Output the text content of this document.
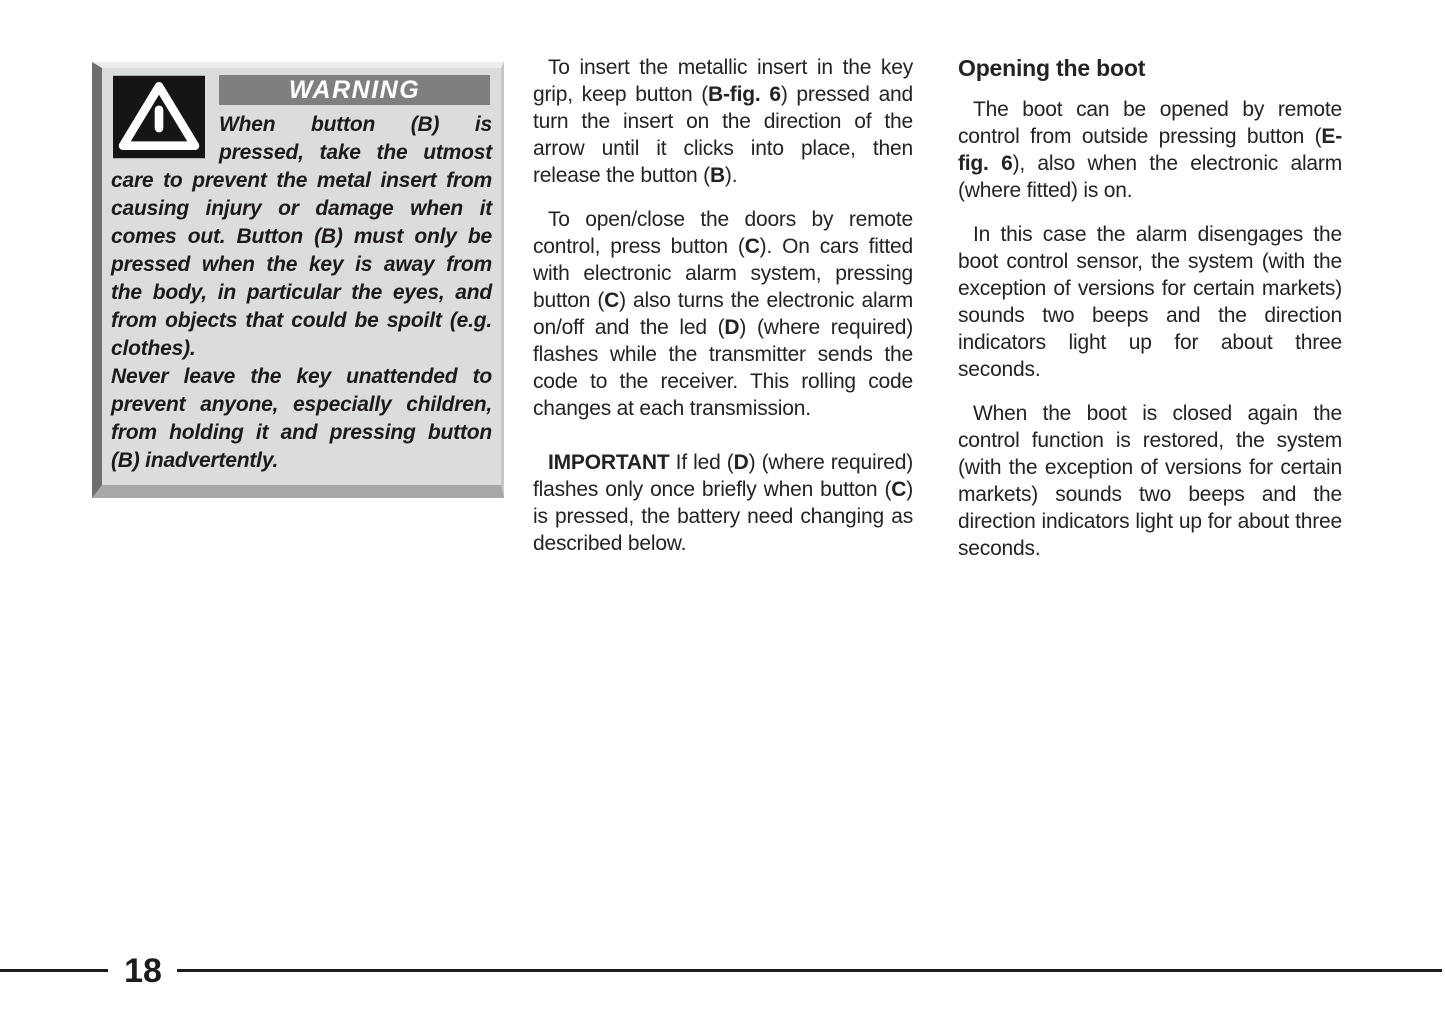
WARNING

When button (B) is pressed, take the utmost care to prevent the metal insert from causing injury or damage when it comes out. Button (B) must only be pressed when the key is away from the body, in particular the eyes, and from objects that could be spoilt (e.g. clothes).

Never leave the key unattended to prevent anyone, especially children, from holding it and pressing button (B) inadvertently.

To insert the metallic insert in the key grip, keep button (B-fig. 6) pressed and turn the insert on the direction of the arrow until it clicks into place, then release the button (B).

To open/close the doors by remote control, press button (C). On cars fitted with electronic alarm system, pressing button (C) also turns the electronic alarm on/off and the led (D) (where required) flashes while the transmitter sends the code to the receiver. This rolling code changes at each transmission.

IMPORTANT If led (D) (where required) flashes only once briefly when button (C) is pressed, the battery need changing as described below.

Opening the boot

The boot can be opened by remote control from outside pressing button (E-fig. 6), also when the electronic alarm (where fitted) is on.

In this case the alarm disengages the boot control sensor, the system (with the exception of versions for certain markets) sounds two beeps and the direction indicators light up for about three seconds.

When the boot is closed again the control function is restored, the system (with the exception of versions for certain markets) sounds two beeps and the direction indicators light up for about three seconds.

18
